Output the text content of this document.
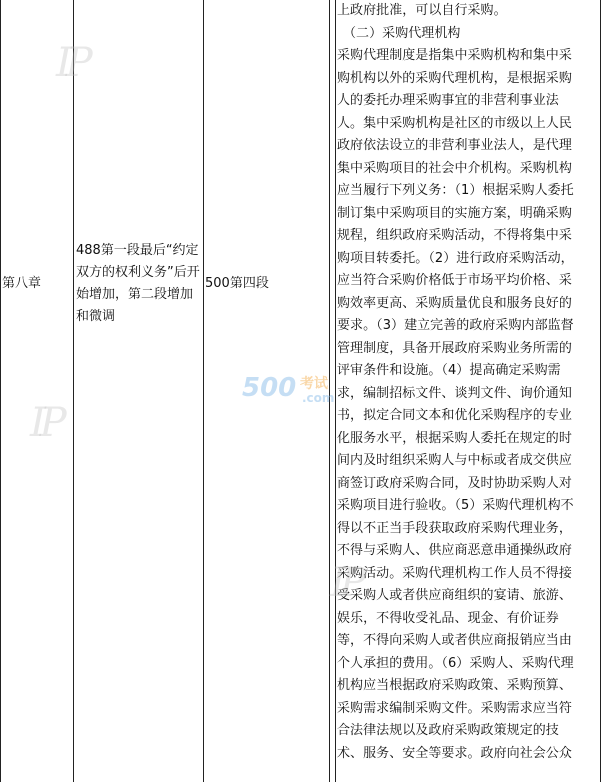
第八章
488第一段最后“约定双方的权利义务”后开始增加，第二段增加和微调
500第四段
上政府批准，可以自行采购。
（二）采购代理机构
采购代理制度是指集中采购机构和集中采
购机构以外的采购代理机构，是根据采购
人的委托办理采购事宜的非营利事业法
人。集中采购机构是社区的市级以上人民
政府依法设立的非营利事业法人，是代理
集中采购项目的社会中介机构。采购机构
应当履行下列义务：（1）根据采购人委托
制订集中采购项目的实施方案，明确采购
规程，组织政府采购活动，不得将集中采
购项目转委托。（2）进行政府采购活动，
应当符合采购价格低于市场平均价格、采
购效率更高、采购质量优良和服务良好的
要求。（3）建立完善的政府采购内部监督
管理制度，具备开展政府采购业务所需的
评审条件和设施。（4）提高确定采购需
求，编制招标文件、谈判文件、询价通知
书，拟定合同文本和优化采购程序的专业
化服务水平，根据采购人委托在规定的时
间内及时组织采购人与中标或者成交供应
商签订政府采购合同，及时协助采购人对
采购项目进行验收。（5）采购代理机构不
得以不正当手段获取政府采购代理业务，
不得与采购人、供应商恶意串通操纵政府
采购活动。采购代理机构工作人员不得接
受采购人或者供应商组织的宴请、旅游、
娱乐，不得收受礼品、现金、有价证券
等，不得向采购人或者供应商报销应当由
个人承担的费用。（6）采购人、采购代理
机构应当根据政府采购政策、采购预算、
采购需求编制采购文件。采购需求应当符
合法律法规以及政府采购政策规定的技
术、服务、安全等要求。政府向社会公众
IP
IP
IP
500 考试
.com
